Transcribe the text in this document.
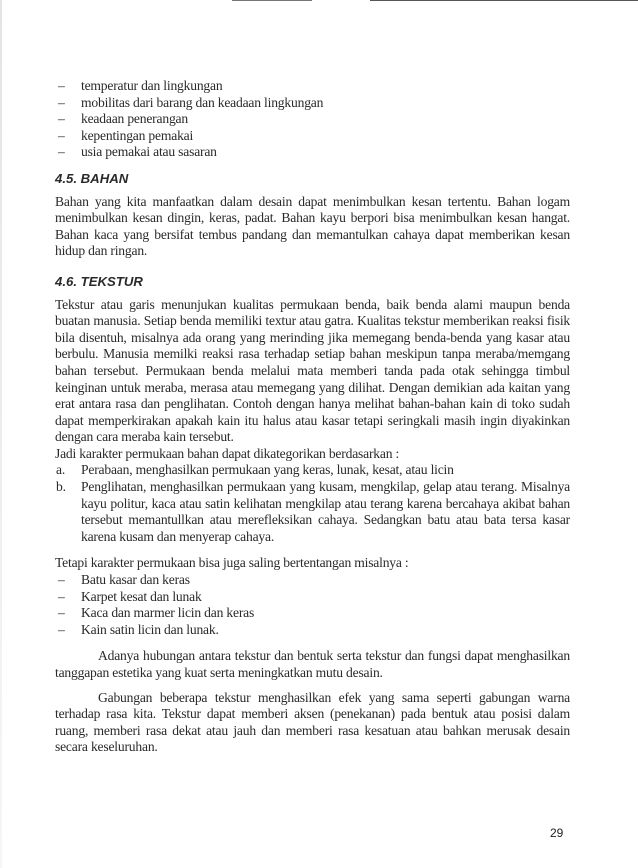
– temperatur dan lingkungan
– mobilitas dari barang dan keadaan lingkungan
– keadaan penerangan
– kepentingan pemakai
– usia pemakai atau sasaran
4.5. BAHAN

Bahan yang kita manfaatkan dalam desain dapat menimbulkan kesan tertentu. Bahan logam menimbulkan kesan dingin, keras, padat. Bahan kayu berpori bisa menimbulkan kesan hangat. Bahan kaca yang bersifat tembus pandang dan memantulkan cahaya dapat memberikan kesan hidup dan ringan.

4.6. TEKSTUR

Tekstur atau garis menunjukan kualitas permukaan benda, baik benda alami maupun benda buatan manusia. Setiap benda memiliki textur atau gatra. Kualitas tekstur memberikan reaksi fisik bila disentuh, misalnya ada orang yang merinding jika memegang benda-benda yang kasar atau berbulu. Manusia memilki reaksi rasa terhadap setiap bahan meskipun tanpa meraba/memgang bahan tersebut. Permukaan benda melalui mata memberi tanda pada otak sehingga timbul keinginan untuk meraba, merasa atau memegang yang dilihat. Dengan demikian ada kaitan yang erat antara rasa dan penglihatan. Contoh dengan hanya melihat bahan-bahan kain di toko sudah dapat memperkirakan apakah kain itu halus atau kasar tetapi seringkali masih ingin diyakinkan dengan cara meraba kain tersebut.

Jadi karakter permukaan bahan dapat dikategorikan berdasarkan :

a. Perabaan, menghasilkan permukaan yang keras, lunak, kesat, atau licin
b. Penglihatan, menghasilkan permukaan yang kusam, mengkilap, gelap atau terang. Misalnya kayu politur, kaca atau satin kelihatan mengkilap atau terang karena bercahaya akibat bahan tersebut memantullkan atau merefleksikan cahaya. Sedangkan batu atau bata tersa kasar karena kusam dan menyerap cahaya.

Tetapi karakter permukaan bisa juga saling bertentangan misalnya :

– Batu kasar dan keras
– Karpet kesat dan lunak
– Kaca dan marmer licin dan keras
– Kain satin licin dan lunak.

Adanya hubungan antara tekstur dan bentuk serta tekstur dan fungsi dapat menghasilkan tanggapan estetika yang kuat serta meningkatkan mutu desain.

Gabungan beberapa tekstur menghasilkan efek yang sama seperti gabungan warna terhadap rasa kita. Tekstur dapat memberi aksen (penekanan) pada bentuk atau posisi dalam ruang, memberi rasa dekat atau jauh dan memberi rasa kesatuan atau bahkan merusak desain secara keseluruhan.

29
